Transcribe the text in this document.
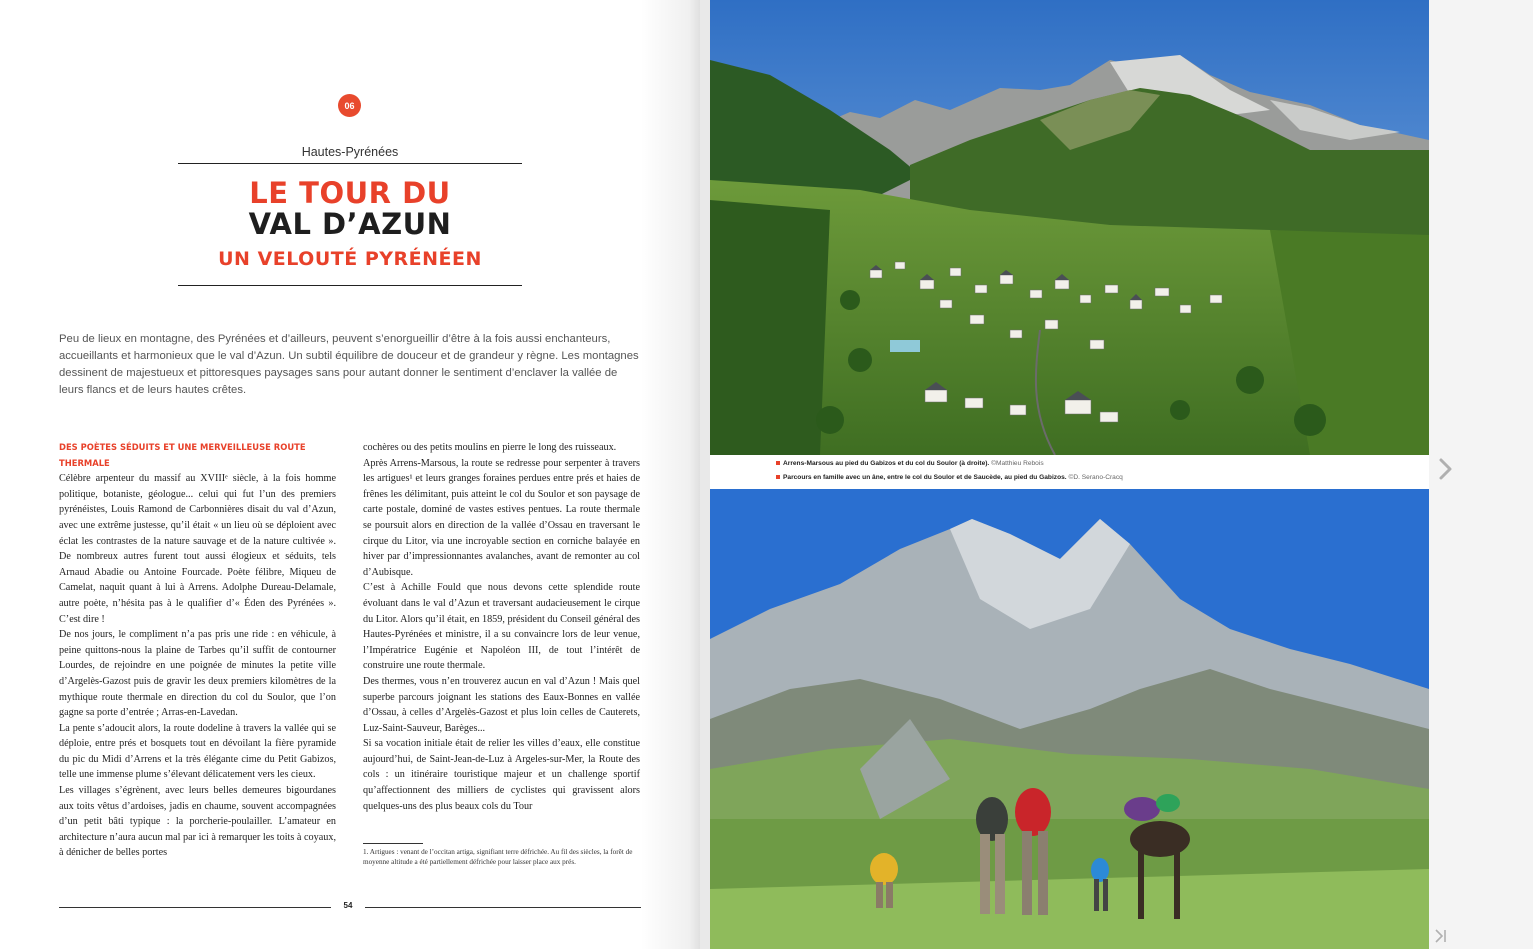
06
Hautes-Pyrénées
LE TOUR DU
VAL D’AZUN
UN VELOUTÉ PYRÉNÉEN
Peu de lieux en montagne, des Pyrénées et d’ailleurs, peuvent s’enorgueillir d’être à la fois aussi enchanteurs, accueillants et harmonieux que le val d’Azun. Un subtil équilibre de douceur et de grandeur y règne. Les montagnes dessinent de majestueux et pittoresques paysages sans pour autant donner le sentiment d’enclaver la vallée de leurs flancs et de leurs hautes crêtes.

DES POÈTES SÉDUITS ET UNE MERVEILLEUSE ROUTE THERMALE

Célèbre arpenteur du massif au XVIIIᵉ siècle, à la fois homme politique, botaniste, géologue... celui qui fut l’un des premiers pyrénéistes, Louis Ramond de Carbonnières disait du val d’Azun, avec une extrême justesse, qu’il était « un lieu où se déploient avec éclat les contrastes de la nature sauvage et de la nature cultivée ». De nombreux autres furent tout aussi élogieux et séduits, tels Arnaud Abadie ou Antoine Fourcade. Poète félibre, Miqueu de Camelat, naquit quant à lui à Arrens. Adolphe Dureau-Delamale, autre poète, n’hésita pas à le qualifier d’« Éden des Pyrénées ». C’est dire !

De nos jours, le compliment n’a pas pris une ride : en véhicule, à peine quittons-nous la plaine de Tarbes qu’il suffit de contourner Lourdes, de rejoindre en une poignée de minutes la petite ville d’Argelès-Gazost puis de gravir les deux premiers kilomètres de la mythique route thermale en direction du col du Soulor, que l’on gagne sa porte d’entrée ; Arras-en-Lavedan.

La pente s’adoucit alors, la route dodeline à travers la vallée qui se déploie, entre prés et bosquets tout en dévoilant la fière pyramide du pic du Midi d’Arrens et la très élégante cime du Petit Gabizos, telle une immense plume s’élevant délicatement vers les cieux.

Les villages s’égrènent, avec leurs belles demeures bigourdanes aux toits vêtus d’ardoises, jadis en chaume, souvent accompagnées d’un petit bâti typique : la porcherie-poulailler. L’amateur en architecture n’aura aucun mal par ici à remarquer les toits à coyaux, à dénicher de belles portes

cochères ou des petits moulins en pierre le long des ruisseaux.

Après Arrens-Marsous, la route se redresse pour serpenter à travers les artigues¹ et leurs granges foraines perdues entre prés et haies de frênes les délimitant, puis atteint le col du Soulor et son paysage de carte postale, dominé de vastes estives pentues. La route thermale se poursuit alors en direction de la vallée d’Ossau en traversant le cirque du Litor, via une incroyable section en corniche balayée en hiver par d’impressionnantes avalanches, avant de remonter au col d’Aubisque.

C’est à Achille Fould que nous devons cette splendide route évoluant dans le val d’Azun et traversant audacieusement le cirque du Litor. Alors qu’il était, en 1859, président du Conseil général des Hautes-Pyrénées et ministre, il a su convaincre lors de leur venue, l’Impératrice Eugénie et Napoléon III, de tout l’intérêt de construire une route thermale.

Des thermes, vous n’en trouverez aucun en val d’Azun ! Mais quel superbe parcours joignant les stations des Eaux-Bonnes en vallée d’Ossau, à celles d’Argelès-Gazost et plus loin celles de Cauterets, Luz-Saint-Sauveur, Barèges...

Si sa vocation initiale était de relier les villes d’eaux, elle constitue aujourd’hui, de Saint-Jean-de-Luz à Argeles-sur-Mer, la Route des cols : un itinéraire touristique majeur et un challenge sportif qu’affectionnent des milliers de cyclistes qui gravissent alors quelques-uns des plus beaux cols du Tour

1. Artigues : venant de l’occitan artiga, signifiant terre défrichée. Au fil des siècles, la forêt de moyenne altitude a été partiellement défrichée pour laisser place aux prés.
54
Arrens-Marsous au pied du Gabizos et du col du Soulor (à droite). ©Matthieu Rebois
Parcours en famille avec un âne, entre le col du Soulor et de Saucède, au pied du Gabizos. ©D. Serano-Cracq
